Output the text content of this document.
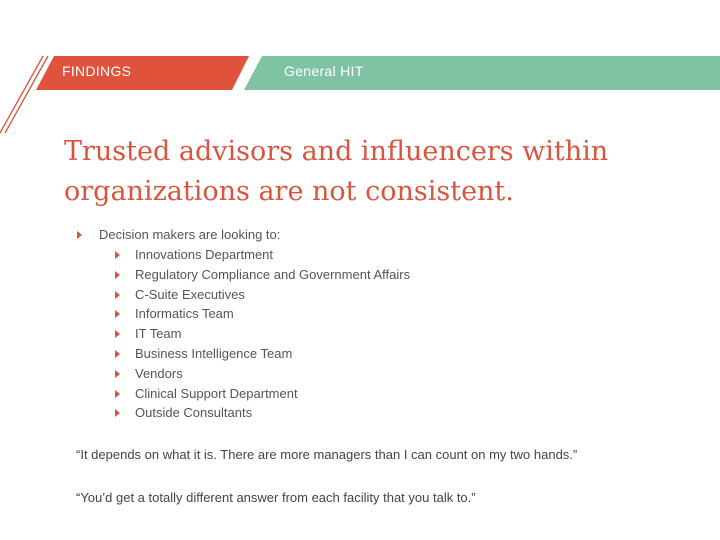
FINDINGS	General HIT
Trusted advisors and influencers within organizations are not consistent.
Decision makers are looking to:
Innovations Department
Regulatory Compliance and Government Affairs
C-Suite Executives
Informatics Team
IT Team
Business Intelligence Team
Vendors
Clinical Support Department
Outside Consultants

“It depends on what it is. There are more managers than I can count on my two hands.”

“You’d get a totally different answer from each facility that you talk to.”
